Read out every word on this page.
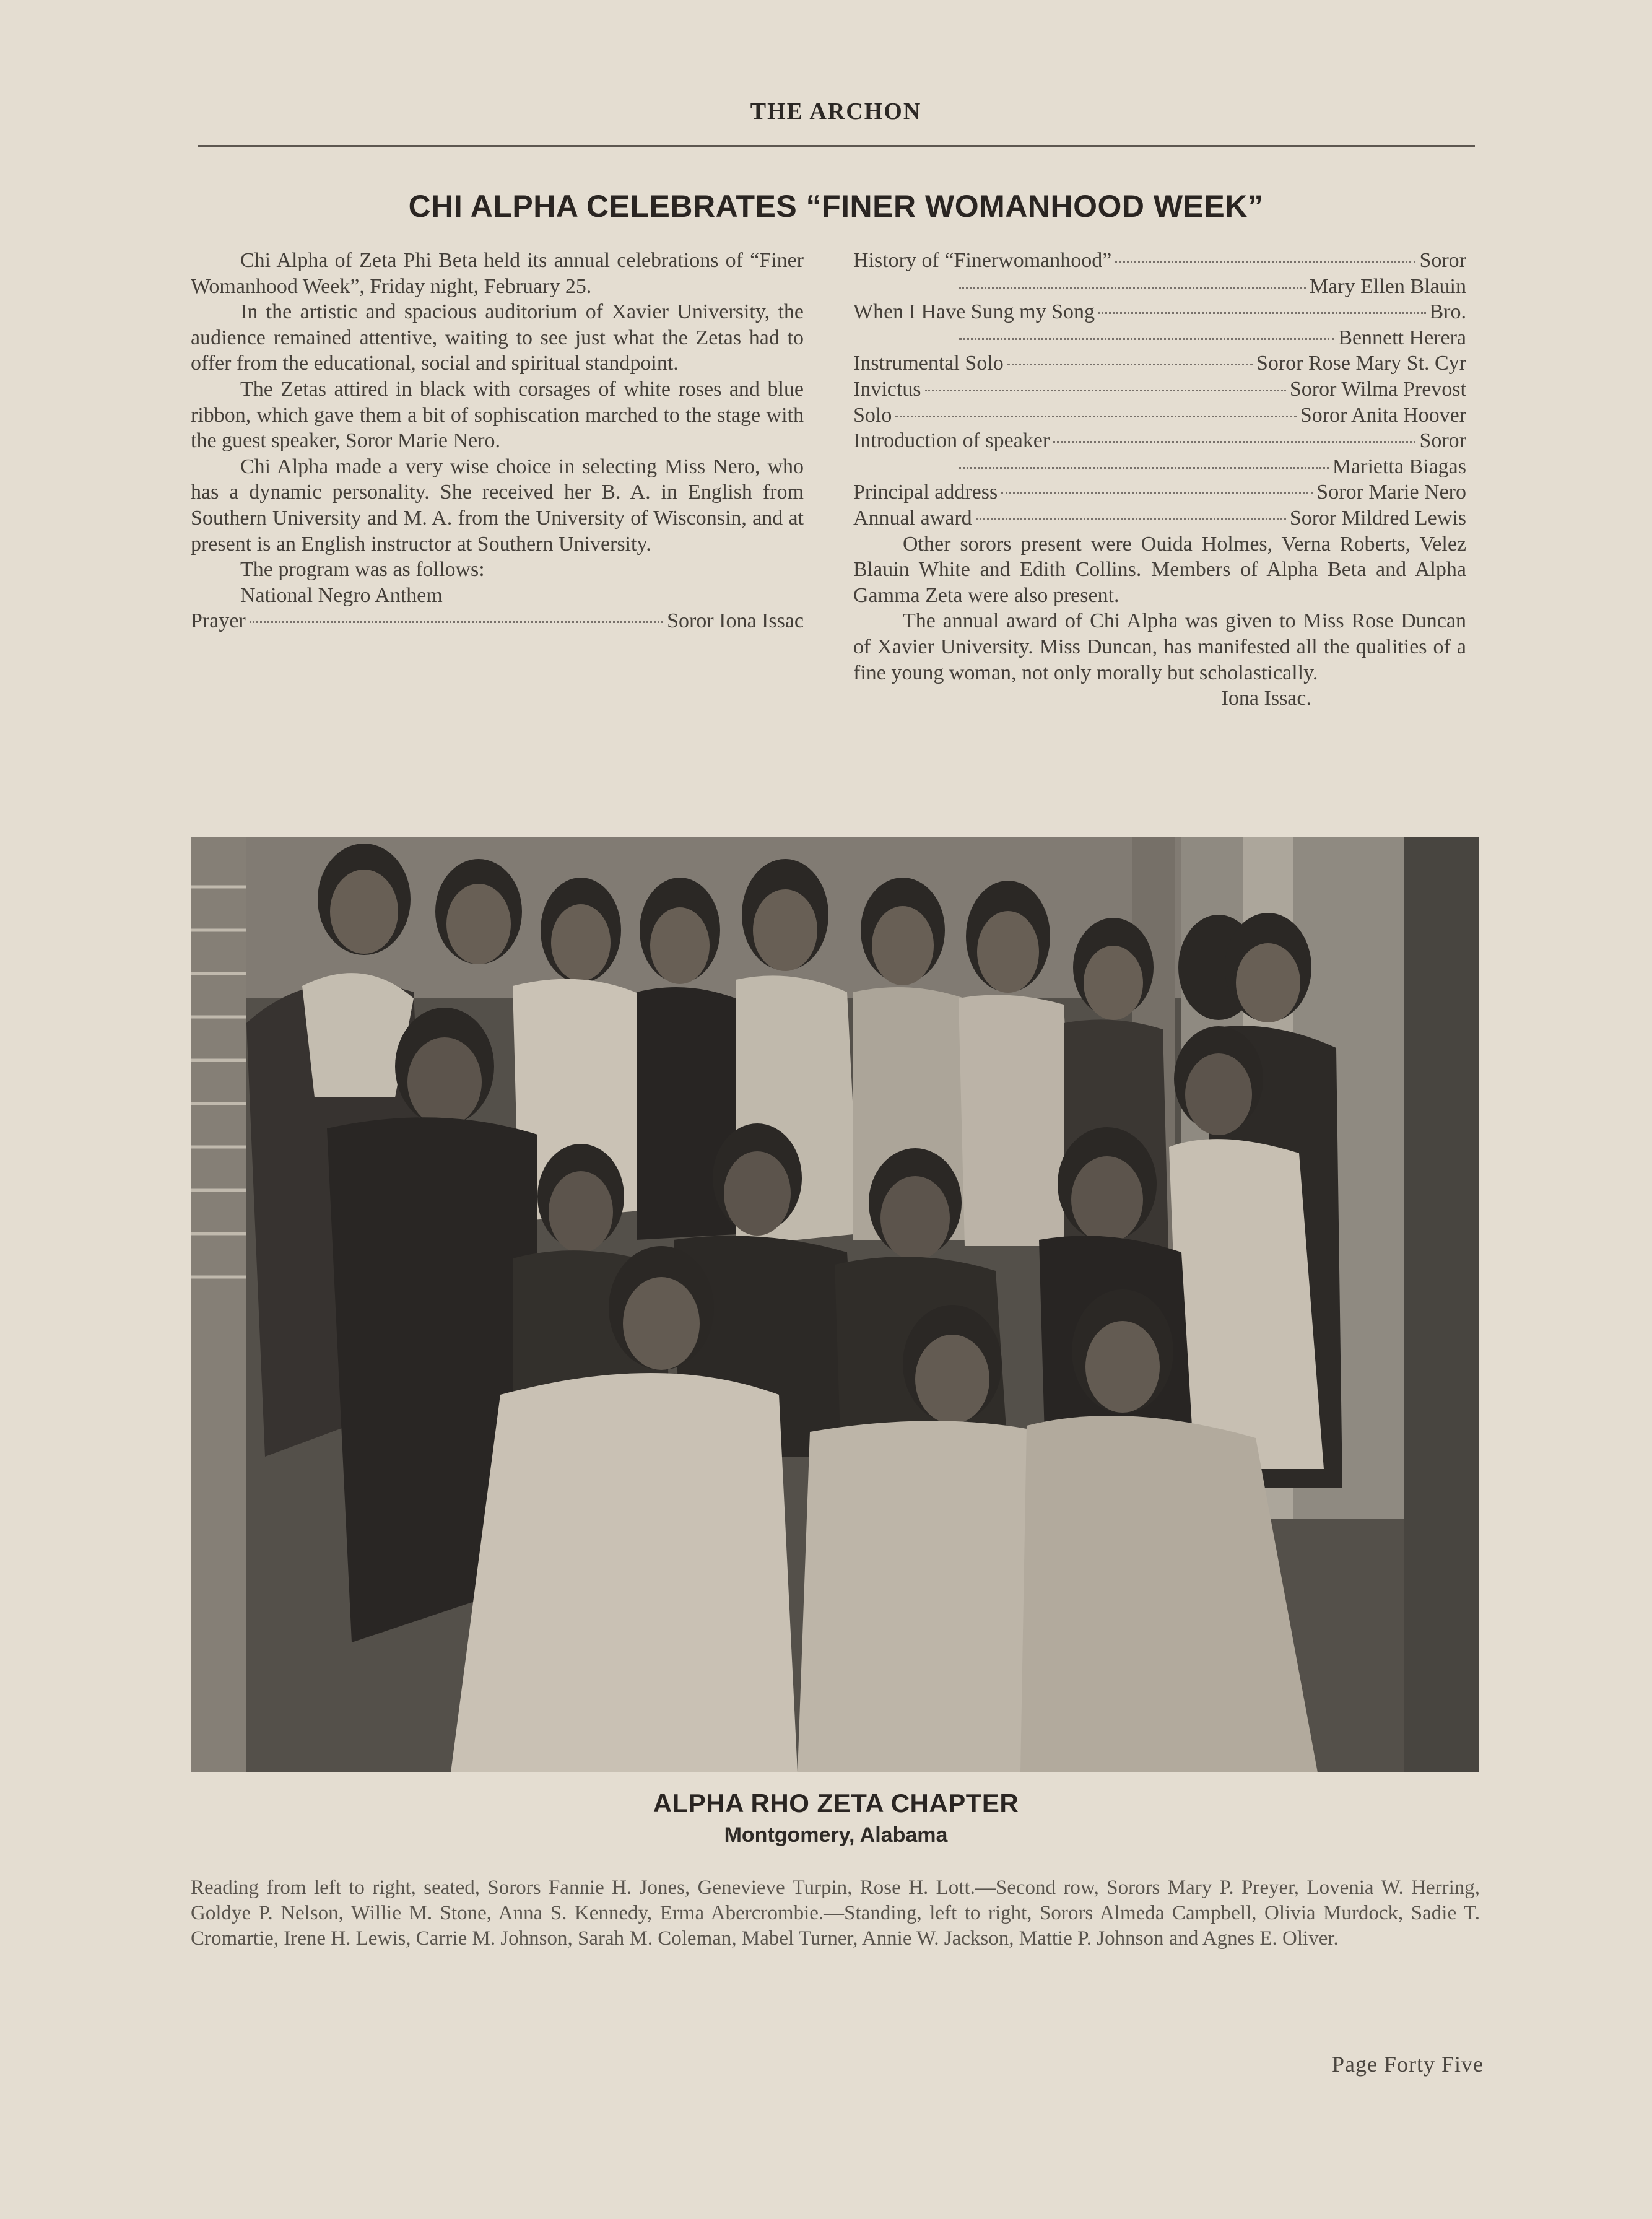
THE ARCHON
CHI ALPHA CELEBRATES “FINER WOMANHOOD WEEK”

Chi Alpha of Zeta Phi Beta held its annual celebrations of “Finer Womanhood Week”, Friday night, February 25.

In the artistic and spacious auditorium of Xavier University, the audience remained attentive, waiting to see just what the Zetas had to offer from the educational, social and spiritual standpoint.

The Zetas attired in black with corsages of white roses and blue ribbon, which gave them a bit of sophiscation marched to the stage with the guest speaker, Soror Marie Nero.

Chi Alpha made a very wise choice in selecting Miss Nero, who has a dynamic personality. She received her B. A. in English from Southern University and M. A. from the University of Wisconsin, and at present is an English instructor at Southern University.

The program was as follows:

National Negro Anthem
Prayer	Soror Iona Issac
History of “Finerwomanhood”	Soror
Mary Ellen Blauin
When I Have Sung my Song	Bro.
Bennett Herera
Instrumental Solo	Soror Rose Mary St. Cyr
Invictus	Soror Wilma Prevost
Solo	Soror Anita Hoover
Introduction of speaker	Soror
Marietta Biagas
Principal address	Soror Marie Nero
Annual award	Soror Mildred Lewis

Other sorors present were Ouida Holmes, Verna Roberts, Velez Blauin White and Edith Collins. Members of Alpha Beta and Alpha Gamma Zeta were also present.

The annual award of Chi Alpha was given to Miss Rose Duncan of Xavier University. Miss Duncan, has manifested all the qualities of a fine young woman, not only morally but scholastically.

Iona Issac.
ALPHA RHO ZETA CHAPTER
Montgomery, Alabama
Reading from left to right, seated, Sorors Fannie H. Jones, Genevieve Turpin, Rose H. Lott.—Second row, Sorors Mary P. Preyer, Lovenia W. Herring, Goldye P. Nelson, Willie M. Stone, Anna S. Kennedy, Erma Abercrombie.—Standing, left to right, Sorors Almeda Campbell, Olivia Murdock, Sadie T. Cromartie, Irene H. Lewis, Carrie M. Johnson, Sarah M. Coleman, Mabel Turner, Annie W. Jackson, Mattie P. Johnson and Agnes E. Oliver.
Page Forty Five
